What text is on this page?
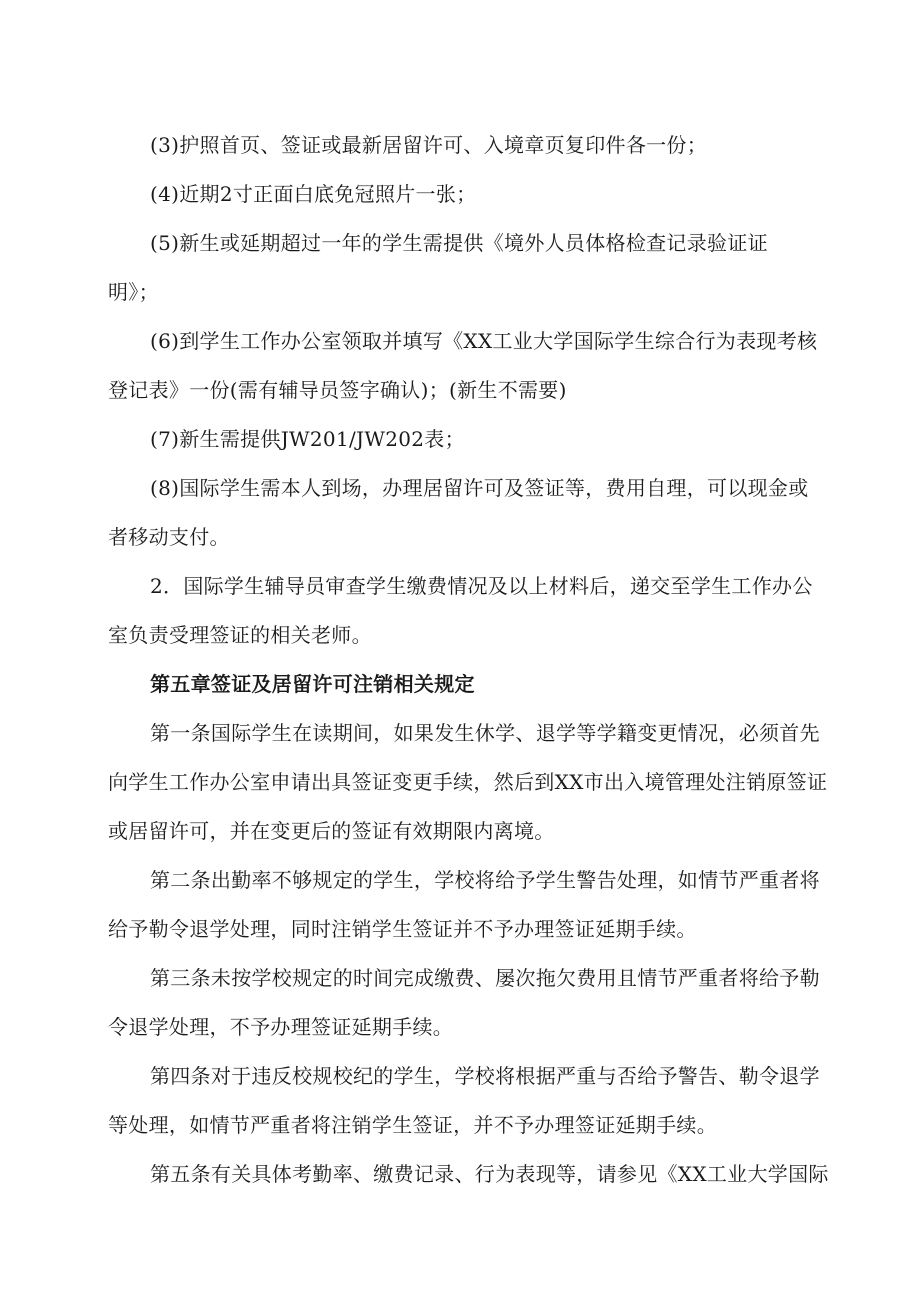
(3)护照首页、签证或最新居留许可、入境章页复印件各一份；
(4)近期2寸正面白底免冠照片一张；
(5)新生或延期超过一年的学生需提供《境外人员体格检查记录验证证
明》；
(6)到学生工作办公室领取并填写《XX工业大学国际学生综合行为表现考核
登记表》一份(需有辅导员签字确认)；(新生不需要)
(7)新生需提供JW201/JW202表；
(8)国际学生需本人到场，办理居留许可及签证等，费用自理，可以现金或
者移动支付。
2．国际学生辅导员审查学生缴费情况及以上材料后，递交至学生工作办公
室负责受理签证的相关老师。
第五章签证及居留许可注销相关规定
第一条国际学生在读期间，如果发生休学、退学等学籍变更情况，必须首先
向学生工作办公室申请出具签证变更手续，然后到XX市出入境管理处注销原签证
或居留许可，并在变更后的签证有效期限内离境。
第二条出勤率不够规定的学生，学校将给予学生警告处理，如情节严重者将
给予勒令退学处理，同时注销学生签证并不予办理签证延期手续。
第三条未按学校规定的时间完成缴费、屡次拖欠费用且情节严重者将给予勒
令退学处理，不予办理签证延期手续。
第四条对于违反校规校纪的学生，学校将根据严重与否给予警告、勒令退学
等处理，如情节严重者将注销学生签证，并不予办理签证延期手续。
第五条有关具体考勤率、缴费记录、行为表现等，请参见《XX工业大学国际
